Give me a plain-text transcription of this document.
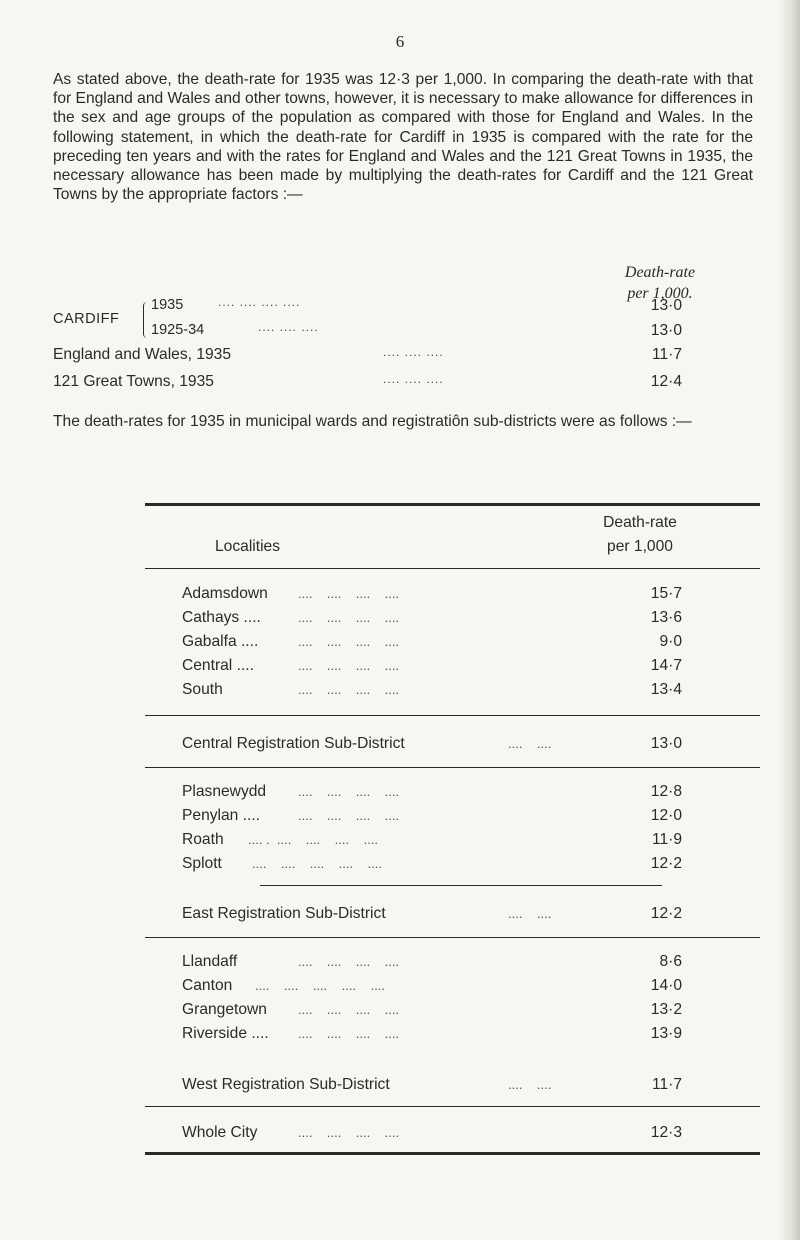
6

As stated above, the death-rate for 1935 was 12·3 per 1,000. In comparing the death-rate with that for England and Wales and other towns, however, it is necessary to make allowance for differences in the sex and age groups of the population as compared with those for England and Wales. In the following statement, in which the death-rate for Cardiff in 1935 is compared with the rate for the preceding ten years and with the rates for England and Wales and the 121 Great Towns in 1935, the necessary allowance has been made by multiplying the death-rates for Cardiff and the 121 Great Towns by the appropriate factors :—

Death-rate
per 1,000.
CARDIFF
1935	.... .... .... ....	13·0
1925-34	.... .... ....	13·0
England and Wales, 1935	.... .... ....	11·7
121 Great Towns, 1935	.... .... ....	12·4

The death-rates for 1935 in municipal wards and registratiôn sub-districts were as follows :—

Localities
Death-rate
per 1,000
Adamsdown ....    ....    ....    ....	15·7
Cathays ....	....    ....    ....    ....	13·6
Gabalfa ....	....    ....    ....    ....	9·0
Central ....	....    ....    ....    ....	14·7
South	....    ....    ....    ....	13·4
Central Registration Sub-District	....    ....	13·0
Plasnewydd ....    ....    ....    ....	12·8
Penylan ....	....    ....    ....    ....	12·0
Roath .... .  ....    ....    ....    ....	11·9
Splott ....    ....    ....    ....    ....	12·2
East Registration Sub-District	....    ....	12·2
Llandaff	....    ....    ....    ....	8·6
Canton ....    ....    ....    ....    ....	14·0
Grangetown ....    ....    ....    ....	13·2
Riverside .... ....    ....    ....    ....	13·9
West Registration Sub-District	....    ....	11·7
Whole City	....    ....    ....    ....	12·3
